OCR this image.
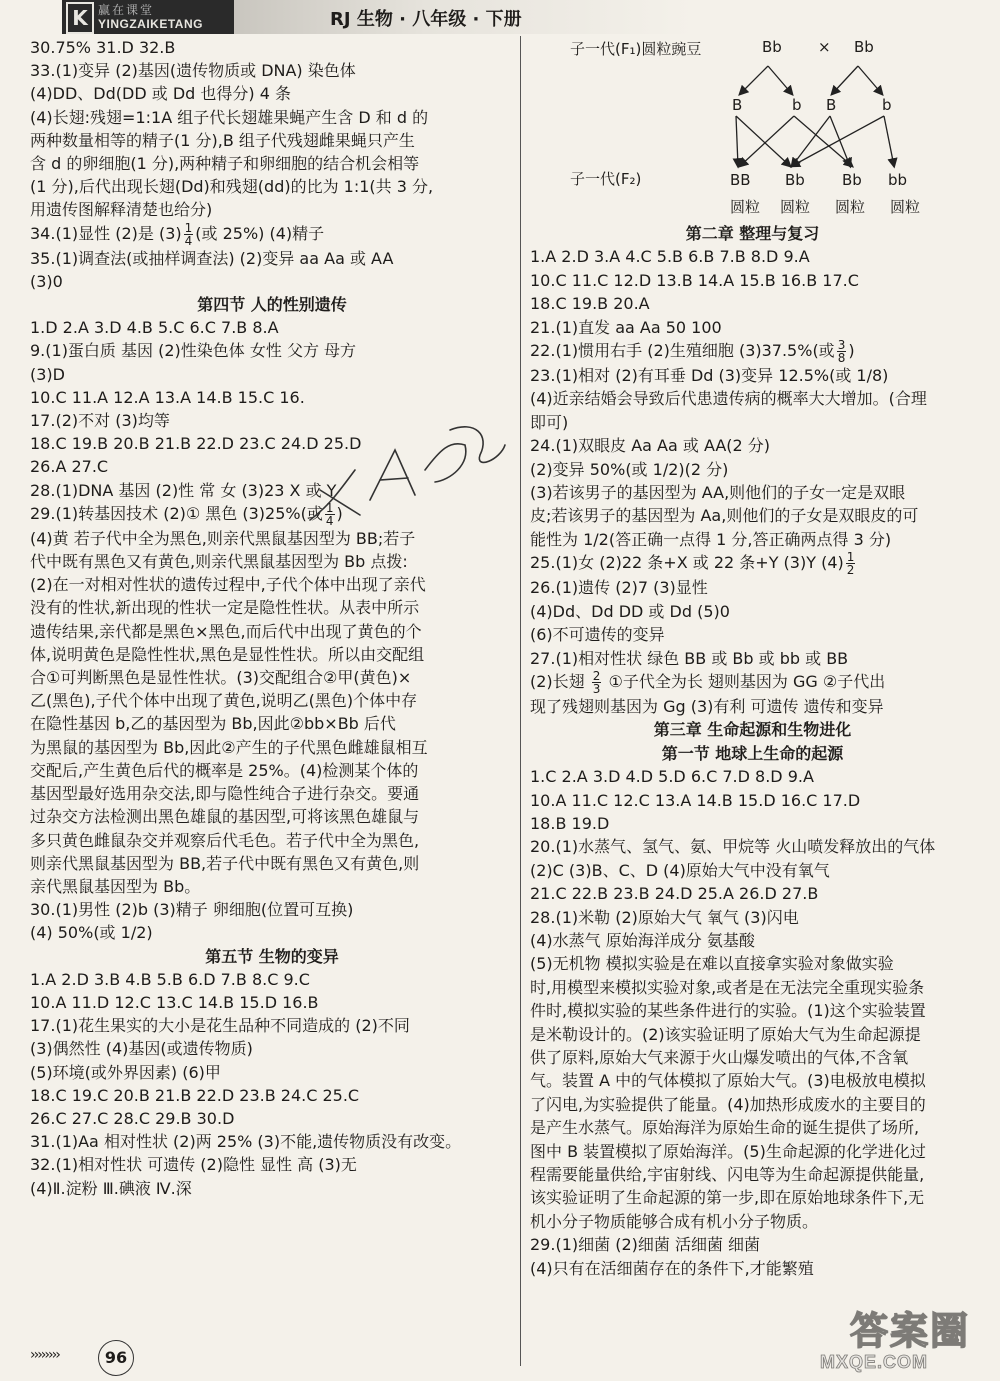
K 赢在课堂
YINGZAIKETANG	RJ 生物 · 八年级 · 下册
30.75% 31.D 32.B
33.(1)变异 (2)基因(遗传物质或 DNA) 染色体
(4)DD、Dd(DD 或 Dd 也得分) 4 条
(4)长翅:残翅=1:1A 组子代长翅雄果蝇产生含 D 和 d 的
两种数量相等的精子(1 分),B 组子代残翅雌果蝇只产生
含 d 的卵细胞(1 分),两种精子和卵细胞的结合机会相等
(1 分),后代出现长翅(Dd)和残翅(dd)的比为 1:1(共 3 分,
用遗传图解释清楚也给分)
34.(1)显性 (2)是 $(3) \frac{1}{4}$ (或 25%) (4)精子
35.(1)调查法(或抽样调查法) (2)变异 aa Aa 或 AA
(3)0
第四节 人的性别遗传
1.D 2.A 3.D 4.B 5.C 6.C 7.B 8.A
9.(1)蛋白质 基因 (2)性染色体 女性 父方 母方
(3)D
10.C 11.A 12.A 13.A 14.B 15.C 16.
17.(2)不对 (3)均等
18.C 19.B 20.B 21.B 22.D 23.C 24.D 25.D
26.A 27.C
28.(1)DNA 基因 (2)性 常 女 (3)23 X 或 Y
29.(1)转基因技术 (2)① 黑色 (3)25%(或 $\frac{1}{4}$ )
(4)黄 若子代中全为黑色,则亲代黑鼠基因型为 BB;若子
代中既有黑色又有黄色,则亲代黑鼠基因型为 Bb 点拨:
(2)在一对相对性状的遗传过程中,子代个体中出现了亲代
没有的性状,新出现的性状一定是隐性性状。从表中所示
遗传结果,亲代都是黑色×黑色,而后代中出现了黄色的个
体,说明黄色是隐性性状,黑色是显性性状。所以由交配组
合①可判断黑色是显性性状。(3)交配组合②甲(黄色)×
乙(黑色),子代个体中出现了黄色,说明乙(黑色)个体中存
在隐性基因 b,乙的基因型为 Bb,因此②bb×Bb 后代
为黑鼠的基因型为 Bb,因此②产生的子代黑色雌雄鼠相互
交配后,产生黄色后代的概率是 25%。(4)检测某个体的
基因型最好选用杂交法,即与隐性纯合子进行杂交。要通
过杂交方法检测出黑色雄鼠的基因型,可将该黑色雄鼠与
多只黄色雌鼠杂交并观察后代毛色。若子代中全为黑色,
则亲代黑鼠基因型为 BB,若子代中既有黑色又有黄色,则
亲代黑鼠基因型为 Bb。
30.(1)男性 (2)b (3)精子 卵细胞(位置可互换)
(4) 50%(或 1/2)
第五节 生物的变异
1.A 2.D 3.B 4.B 5.B 6.D 7.B 8.C 9.C
10.A 11.D 12.C 13.C 14.B 15.D 16.B
17.(1)花生果实的大小是花生品种不同造成的 (2)不同
(3)偶然性 (4)基因(或遗传物质)
(5)环境(或外界因素) (6)甲
18.C 19.C 20.B 21.B 22.D 23.B 24.C 25.C
26.C 27.C 28.C 29.B 30.D
31.(1)Aa 相对性状 (2)两 25% (3)不能,遗传物质没有改变。
32.(1)相对性状 可遗传 (2)隐性 显性 高 (3)无
(4)Ⅱ.淀粉 Ⅲ.碘液 Ⅳ.深
子一代(F₁)圆粒豌豆	Bb × Bb
B	b B	b
子一代(F₂)	BB Bb Bb bb
圆粒 圆粒 圆粒 圆粒
第二章 整理与复习
1.A 2.D 3.A 4.C 5.B 6.B 7.B 8.D 9.A
10.C 11.C 12.D 13.B 14.A 15.B 16.B 17.C
18.C 19.B 20.A
21.(1)直发 aa Aa 50 100
22.(1)惯用右手 (2)生殖细胞 (3)37.5%(或 $\frac{3}{8}$ )
23.(1)相对 (2)有耳垂 Dd (3)变异 12.5%(或 1/8)
(4)近亲结婚会导致后代患遗传病的概率大大增加。(合理
即可)
24.(1)双眼皮 Aa Aa 或 AA(2 分)
(2)变异 50%(或 1/2)(2 分)
(3)若该男子的基因型为 AA,则他们的子女一定是双眼
皮;若该男子的基因型为 Aa,则他们的子女是双眼皮的可
能性为 1/2(答正确一点得 1 分,答正确两点得 3 分)
25.(1)女 (2)22 条+X 或 22 条+Y (3)Y $(4) \frac{1}{2}$
26.(1)遗传 (2)7 (3)显性
(4)Dd、Dd DD 或 Dd (5)0
(6)不可遗传的变异
27.(1)相对性状 绿色 BB 或 Bb 或 bb 或 BB
(2)长翅 $\frac{2}{3}$ ①子代全为长 翅则基因为 GG ②子代出
现了残翅则基因为 Gg (3)有利 可遗传 遗传和变异
第三章 生命起源和生物进化
第一节 地球上生命的起源
1.C 2.A 3.D 4.D 5.D 6.C 7.D 8.D 9.A
10.A 11.C 12.C 13.A 14.B 15.D 16.C 17.D
18.B 19.D
20.(1)水蒸气、氢气、氨、甲烷等 火山喷发释放出的气体
(2)C (3)B、C、D (4)原始大气中没有氧气
21.C 22.B 23.B 24.D 25.A 26.D 27.B
28.(1)米勒 (2)原始大气 氧气 (3)闪电
(4)水蒸气 原始海洋成分 氨基酸
(5)无机物 模拟实验是在难以直接拿实验对象做实验
时,用模型来模拟实验对象,或者是在无法完全重现实验条
件时,模拟实验的某些条件进行的实验。(1)这个实验装置
是米勒设计的。(2)该实验证明了原始大气为生命起源提
供了原料,原始大气来源于火山爆发喷出的气体,不含氧
气。装置 A 中的气体模拟了原始大气。(3)电极放电模拟
了闪电,为实验提供了能量。(4)加热形成废水的主要目的
是产生水蒸气。原始海洋为原始生命的诞生提供了场所,
图中 B 装置模拟了原始海洋。(5)生命起源的化学进化过
程需要能量供给,宇宙射线、闪电等为生命起源提供能量,
该实验证明了生命起源的第一步,即在原始地球条件下,无
机小分子物质能够合成有机小分子物质。
29.(1)细菌 (2)细菌 活细菌 细菌
(4)只有在活细菌存在的条件下,才能繁殖
››››››››	96
答案圈
MXQE.COM
